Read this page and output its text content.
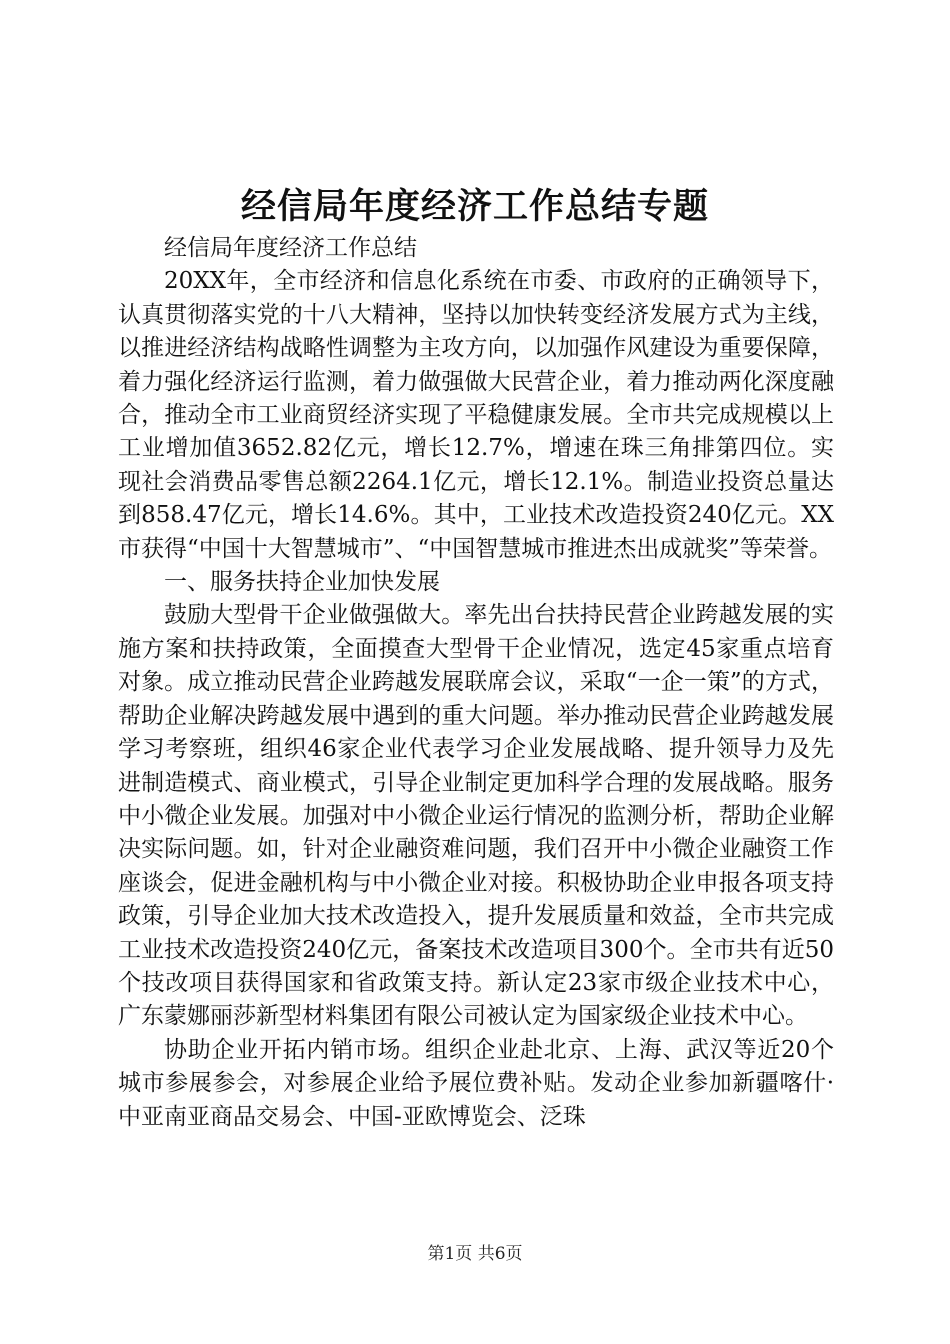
经信局年度经济工作总结专题

经信局年度经济工作总结

20XX年，全市经济和信息化系统在市委、市政府的正确领导下，认真贯彻落实党的十八大精神，坚持以加快转变经济发展方式为主线，以推进经济结构战略性调整为主攻方向，以加强作风建设为重要保障，着力强化经济运行监测，着力做强做大民营企业，着力推动两化深度融合，推动全市工业商贸经济实现了平稳健康发展。全市共完成规模以上工业增加值3652.82亿元，增长12.7%，增速在珠三角排第四位。实现社会消费品零售总额2264.1亿元，增长12.1%。制造业投资总量达到858.47亿元，增长14.6%。其中，工业技术改造投资240亿元。XX市获得“中国十大智慧城市”、“中国智慧城市推进杰出成就奖”等荣誉。

一、服务扶持企业加快发展

鼓励大型骨干企业做强做大。率先出台扶持民营企业跨越发展的实施方案和扶持政策，全面摸查大型骨干企业情况，选定45家重点培育对象。成立推动民营企业跨越发展联席会议，采取“一企一策”的方式，帮助企业解决跨越发展中遇到的重大问题。举办推动民营企业跨越发展学习考察班，组织46家企业代表学习企业发展战略、提升领导力及先进制造模式、商业模式，引导企业制定更加科学合理的发展战略。服务中小微企业发展。加强对中小微企业运行情况的监测分析，帮助企业解决实际问题。如，针对企业融资难问题，我们召开中小微企业融资工作座谈会，促进金融机构与中小微企业对接。积极协助企业申报各项支持政策，引导企业加大技术改造投入，提升发展质量和效益，全市共完成工业技术改造投资240亿元，备案技术改造项目300个。全市共有近50个技改项目获得国家和省政策支持。新认定23家市级企业技术中心，广东蒙娜丽莎新型材料集团有限公司被认定为国家级企业技术中心。

协助企业开拓内销市场。组织企业赴北京、上海、武汉等近20个城市参展参会，对参展企业给予展位费补贴。发动企业参加新疆喀什·中亚南亚商品交易会、中国-亚欧博览会、泛珠

第1页 共6页
